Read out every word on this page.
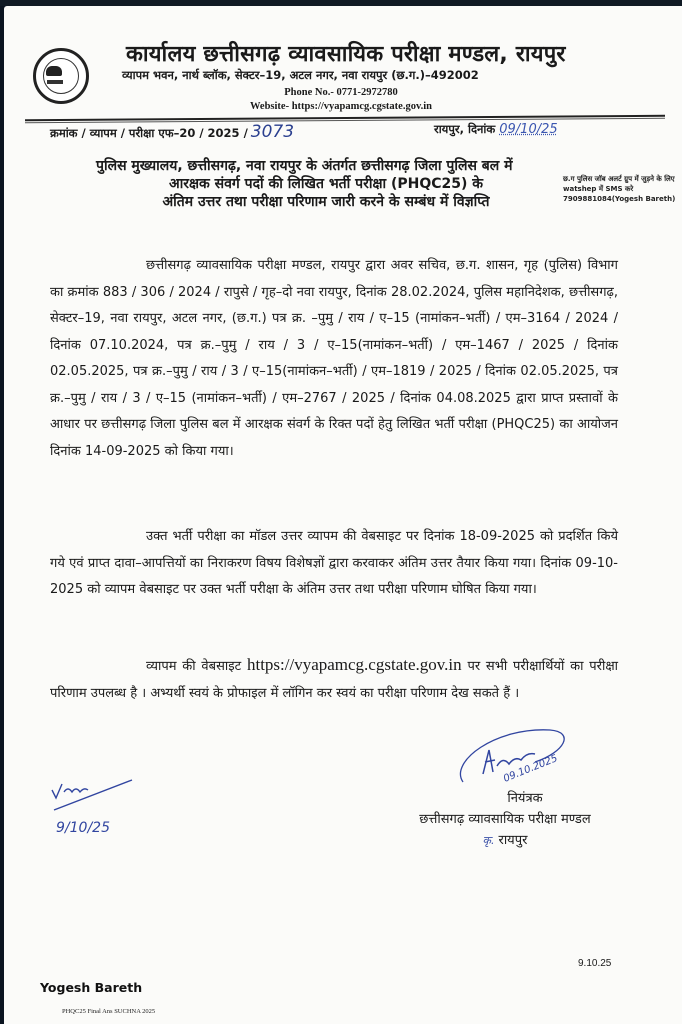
कार्यालय छत्तीसगढ़ व्यावसायिक परीक्षा मण्डल, रायपुर
व्यापम भवन, नार्थ ब्लॉक, सेक्टर–19, अटल नगर, नवा रायपुर (छ.ग.)–492002
Phone No.- 0771-2972780
Website- https://vyapamcg.cgstate.gov.in
क्रमांक / व्यापम / परीक्षा एफ–20 / 2025 / 3073	रायपुर, दिनांक 09/10/25
पुलिस मुख्यालय, छत्तीसगढ़, नवा रायपुर के अंतर्गत छत्तीसगढ़ जिला पुलिस बल में
आरक्षक संवर्ग पदों की लिखित भर्ती परीक्षा (PHQC25) के
अंतिम उत्तर तथा परीक्षा परिणाम जारी करने के सम्बंध में विज्ञप्ति
छ.ग पुलिस जॉब अलर्ट ग्रुप में जुड़ने के लिए watshep में SMS करे 7909881084(Yogesh Bareth)
छत्तीसगढ़ व्यावसायिक परीक्षा मण्डल, रायपुर द्वारा अवर सचिव, छ.ग. शासन, गृह (पुलिस) विभाग का क्रमांक 883 / 306 / 2024 / रापुसे / गृह–दो नवा रायपुर, दिनांक 28.02.2024, पुलिस महानिदेशक, छत्तीसगढ़, सेक्टर–19, नवा रायपुर, अटल नगर, (छ.ग.) पत्र क्र. –पुमु / राय / ए–15 (नामांकन–भर्ती) / एम–3164 / 2024 / दिनांक 07.10.2024, पत्र क्र.–पुमु / राय / 3 / ए–15(नामांकन–भर्ती) / एम–1467 / 2025 / दिनांक 02.05.2025, पत्र क्र.–पुमु / राय / 3 / ए–15(नामांकन–भर्ती) / एम–1819 / 2025 / दिनांक 02.05.2025, पत्र क्र.–पुमु / राय / 3 / ए–15 (नामांकन–भर्ती) / एम–2767 / 2025 / दिनांक 04.08.2025 द्वारा प्राप्त प्रस्तावों के आधार पर छत्तीसगढ़ जिला पुलिस बल में आरक्षक संवर्ग के रिक्त पदों हेतु लिखित भर्ती परीक्षा (PHQC25) का आयोजन दिनांक 14-09-2025 को किया गया।
उक्त भर्ती परीक्षा का मॉडल उत्तर व्यापम की वेबसाइट पर दिनांक 18-09-2025 को प्रदर्शित किये गये एवं प्राप्त दावा–आपत्तियों का निराकरण विषय विशेषज्ञों द्वारा करवाकर अंतिम उत्तर तैयार किया गया। दिनांक 09-10-2025 को व्यापम वेबसाइट पर उक्त भर्ती परीक्षा के अंतिम उत्तर तथा परीक्षा परिणाम घोषित किया गया।
व्यापम की वेबसाइट https://vyapamcg.cgstate.gov.in पर सभी परीक्षार्थियों का परीक्षा परिणाम उपलब्ध है । अभ्यर्थी स्वयं के प्रोफाइल में लॉगिन कर स्वयं का परीक्षा परिणाम देख सकते हैं ।
9/10/25
09.10.2025
नियंत्रक
छत्तीसगढ़ व्यावसायिक परीक्षा मण्डल
कृ. रायपुर
9.10.25
Yogesh Bareth
PHQC25 Final Ans SUCHNA 2025
